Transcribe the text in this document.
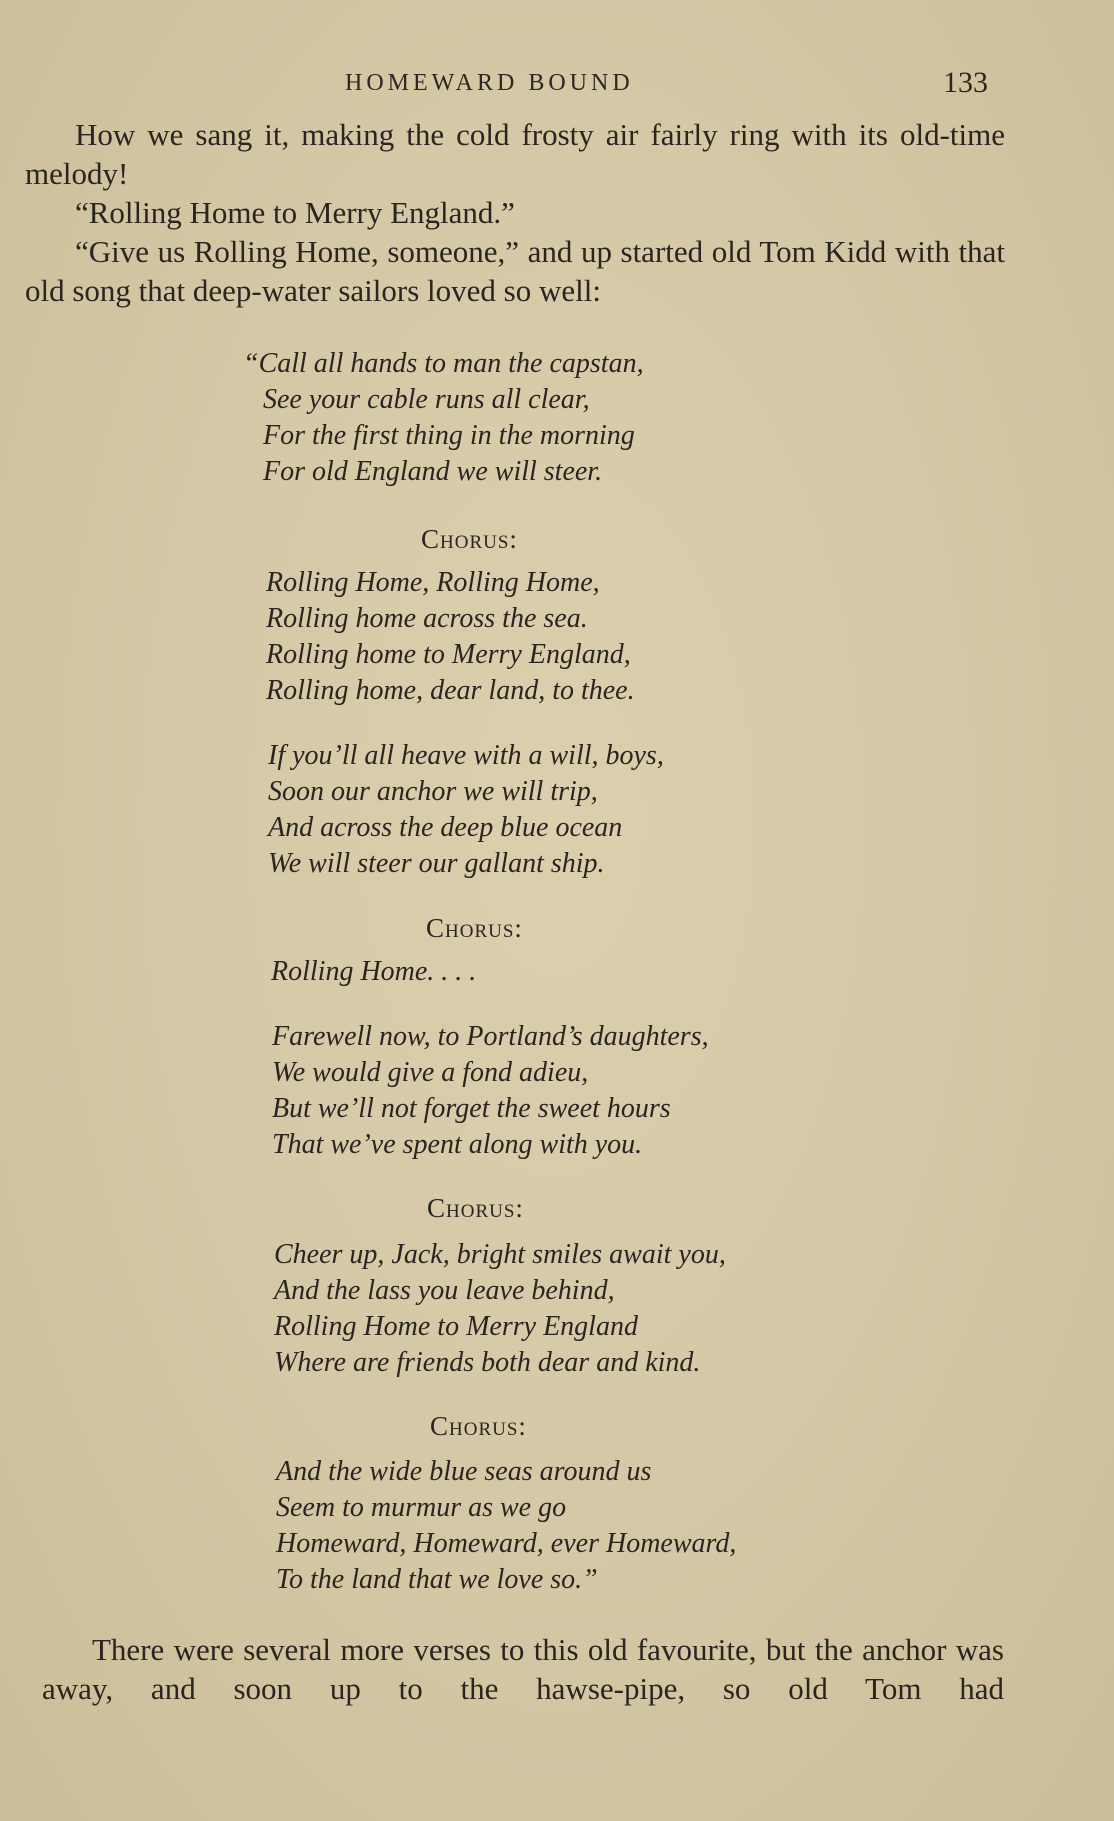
HOMEWARD BOUND	133

How we sang it, making the cold frosty air fairly ring with its old-time melody!

“Rolling Home to Merry England.”

“Give us Rolling Home, someone,” and up started old Tom Kidd with that old song that deep-water sailors loved so well:

“Call all hands to man the capstan,
See your cable runs all clear,
For the first thing in the morning
For old England we will steer.
Chorus:
Rolling Home, Rolling Home,
Rolling home across the sea.
Rolling home to Merry England,
Rolling home, dear land, to thee.
If you’ll all heave with a will, boys,
Soon our anchor we will trip,
And across the deep blue ocean
We will steer our gallant ship.
Chorus:
Rolling Home. . . .
Farewell now, to Portland’s daughters,
We would give a fond adieu,
But we’ll not forget the sweet hours
That we’ve spent along with you.
Chorus:
Cheer up, Jack, bright smiles await you,
And the lass you leave behind,
Rolling Home to Merry England
Where are friends both dear and kind.
Chorus:
And the wide blue seas around us
Seem to murmur as we go
Homeward, Homeward, ever Homeward,
To the land that we love so.”

There were several more verses to this old favourite, but the anchor was away, and soon up to the hawse-pipe, so old Tom had
